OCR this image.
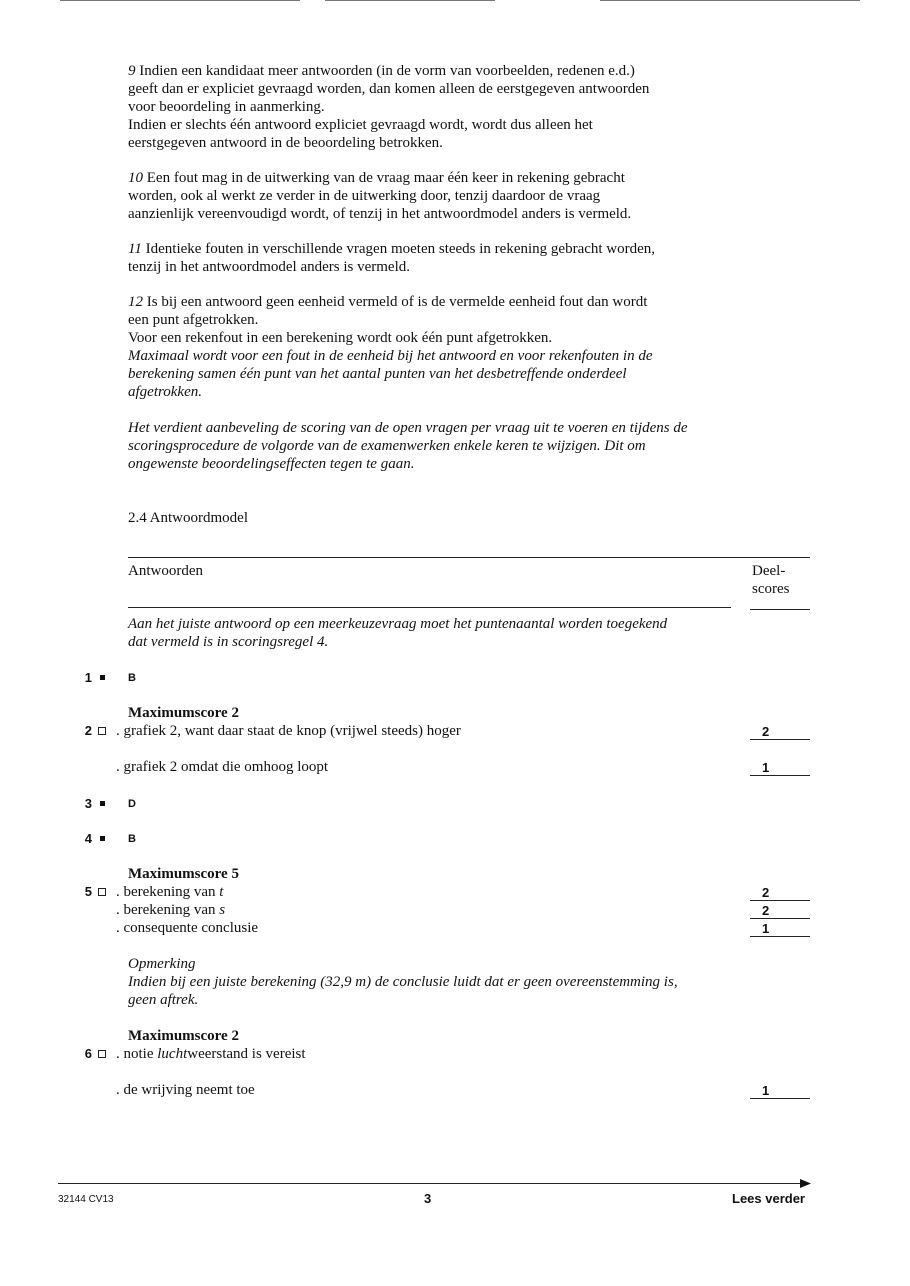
9 Indien een kandidaat meer antwoorden (in de vorm van voorbeelden, redenen e.d.)

geeft dan er expliciet gevraagd worden, dan komen alleen de eerstgegeven antwoorden

voor beoordeling in aanmerking.

Indien er slechts één antwoord expliciet gevraagd wordt, wordt dus alleen het

eerstgegeven antwoord in de beoordeling betrokken.

10 Een fout mag in de uitwerking van de vraag maar één keer in rekening gebracht

worden, ook al werkt ze verder in de uitwerking door, tenzij daardoor de vraag

aanzienlijk vereenvoudigd wordt, of tenzij in het antwoordmodel anders is vermeld.

11 Identieke fouten in verschillende vragen moeten steeds in rekening gebracht worden,

tenzij in het antwoordmodel anders is vermeld.

12 Is bij een antwoord geen eenheid vermeld of is de vermelde eenheid fout dan wordt

een punt afgetrokken.

Voor een rekenfout in een berekening wordt ook één punt afgetrokken.

Maximaal wordt voor een fout in de eenheid bij het antwoord en voor rekenfouten in de

berekening samen één punt van het aantal punten van het desbetreffende onderdeel

afgetrokken.

Het verdient aanbeveling de scoring van de open vragen per vraag uit te voeren en tijdens de

scoringsprocedure de volgorde van de examenwerken enkele keren te wijzigen. Dit om

ongewenste beoordelingseffecten tegen te gaan.

2.4 Antwoordmodel
Antwoorden	Deel-
scores

Aan het juiste antwoord op een meerkeuzevraag moet het puntenaantal worden toegekend

dat vermeld is in scoringsregel 4.

1	B
Maximumscore 2
2 . grafiek 2, want daar staat de knop (vrijwel steeds) hoger	2
. grafiek 2 omdat die omhoog loopt	1
3	D
4	B
Maximumscore 5
5 . berekening van t	2
. berekening van s	2
. consequente conclusie	1

Opmerking

Indien bij een juiste berekening (32,9 m) de conclusie luidt dat er geen overeenstemming is,

geen aftrek.

Maximumscore 2
6 . notie luchtweerstand is vereist
. de wrijving neemt toe	1
32144 CV13	3	Lees verder
